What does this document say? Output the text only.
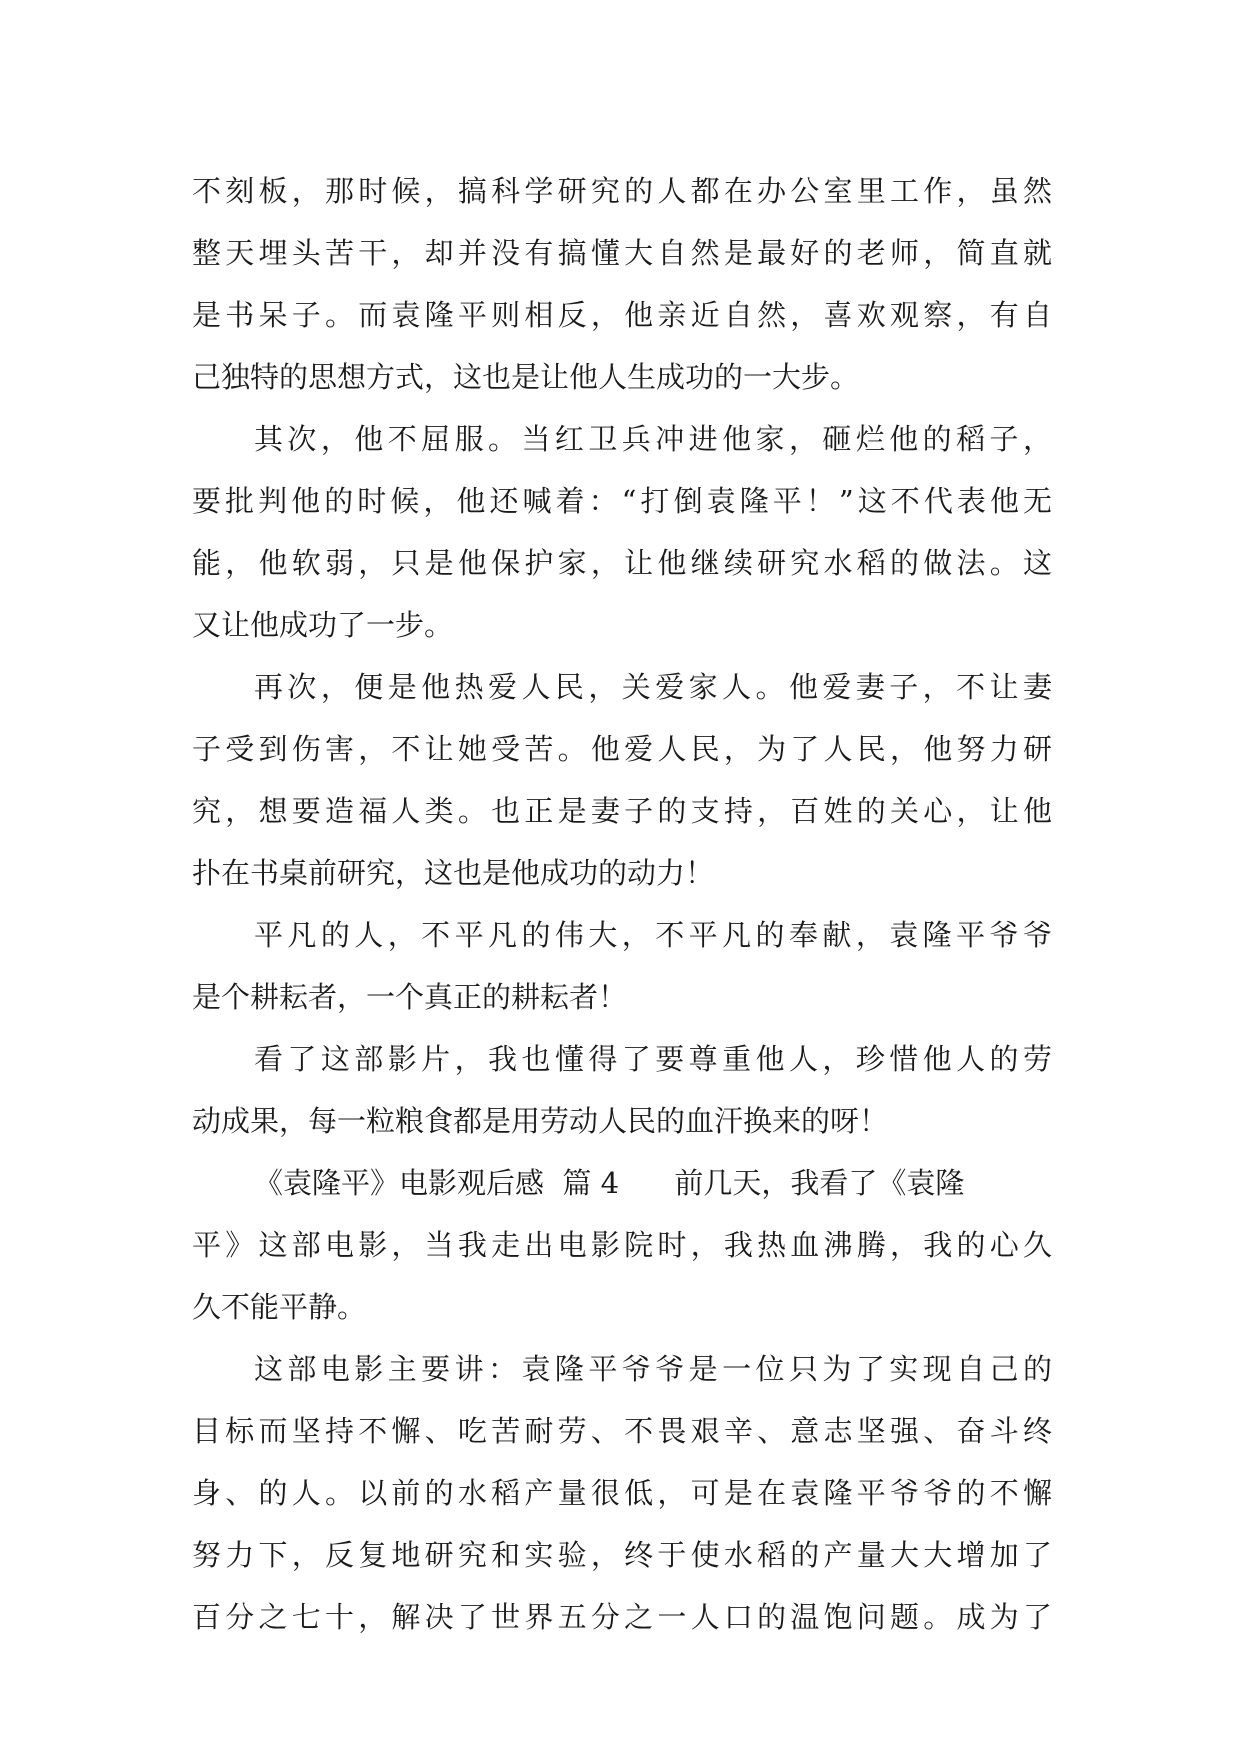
不刻板，那时候，搞科学研究的人都在办公室里工作，虽然
整天埋头苦干，却并没有搞懂大自然是最好的老师，简直就
是书呆子。而袁隆平则相反，他亲近自然，喜欢观察，有自
己独特的思想方式，这也是让他人生成功的一大步。
其次，他不屈服。当红卫兵冲进他家，砸烂他的稻子，
要批判他的时候，他还喊着：“打倒袁隆平！”这不代表他无
能，他软弱，只是他保护家，让他继续研究水稻的做法。这
又让他成功了一步。
再次，便是他热爱人民，关爱家人。他爱妻子，不让妻
子受到伤害，不让她受苦。他爱人民，为了人民，他努力研
究，想要造福人类。也正是妻子的支持，百姓的关心，让他
扑在书桌前研究，这也是他成功的动力！
平凡的人，不平凡的伟大，不平凡的奉献，袁隆平爷爷
是个耕耘者，一个真正的耕耘者！
看了这部影片，我也懂得了要尊重他人，珍惜他人的劳
动成果，每一粒粮食都是用劳动人民的血汗换来的呀！
《袁隆平》电影观后感  篇 4      前几天，我看了《袁隆
平》这部电影，当我走出电影院时，我热血沸腾，我的心久
久不能平静。
这部电影主要讲：袁隆平爷爷是一位只为了实现自己的
目标而坚持不懈、吃苦耐劳、不畏艰辛、意志坚强、奋斗终
身、的人。以前的水稻产量很低，可是在袁隆平爷爷的不懈
努力下，反复地研究和实验，终于使水稻的产量大大增加了
百分之七十，解决了世界五分之一人口的温饱问题。成为了
